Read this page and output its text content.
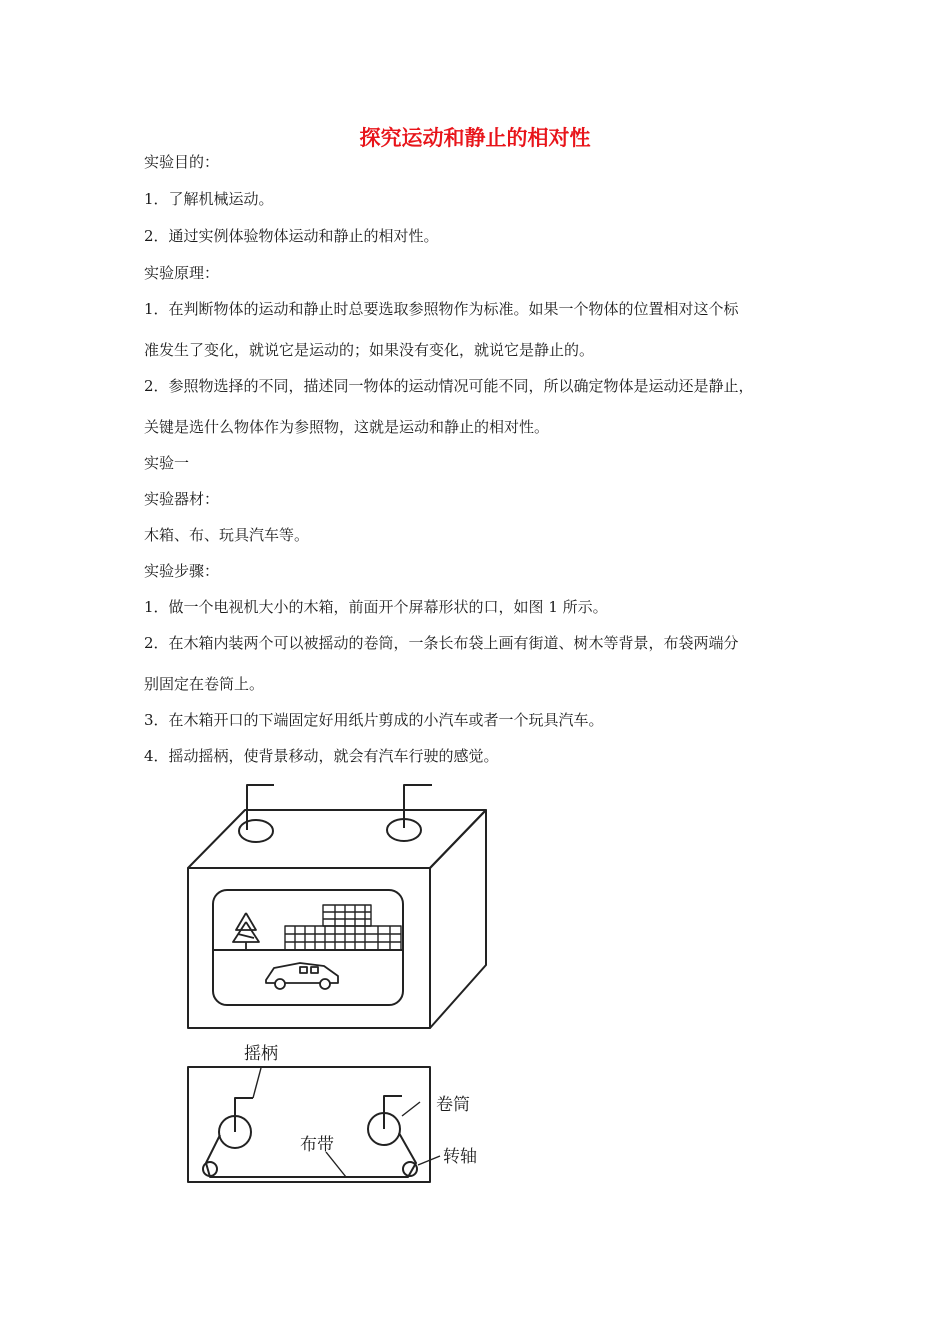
探究运动和静止的相对性
实验目的：
1．了解机械运动。
2．通过实例体验物体运动和静止的相对性。
实验原理：
1．在判断物体的运动和静止时总要选取参照物作为标准。如果一个物体的位置相对这个标
准发生了变化，就说它是运动的；如果没有变化，就说它是静止的。
2．参照物选择的不同，描述同一物体的运动情况可能不同，所以确定物体是运动还是静止，
关键是选什么物体作为参照物，这就是运动和静止的相对性。
实验一
实验器材：
木箱、布、玩具汽车等。
实验步骤：
1．做一个电视机大小的木箱，前面开个屏幕形状的口，如图 1 所示。
2．在木箱内装两个可以被摇动的卷筒，一条长布袋上画有街道、树木等背景，布袋两端分
别固定在卷筒上。
3．在木箱开口的下端固定好用纸片剪成的小汽车或者一个玩具汽车。
4．摇动摇柄，使背景移动，就会有汽车行驶的感觉。
摇柄
卷筒
布带
转轴
